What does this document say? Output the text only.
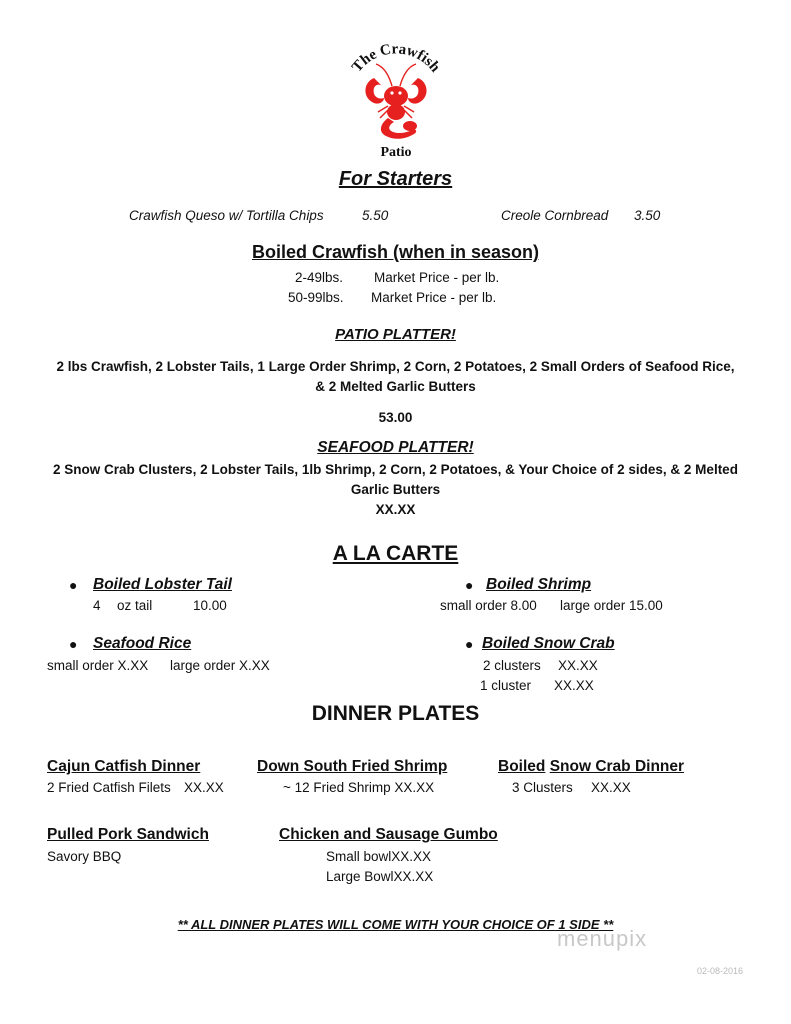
The Crawfish
Patio
For Starters
Crawfish Queso w/ Tortilla Chips	5.50	Creole Cornbread 3.50
Boiled Crawfish (when in season)
2-49lbs. Market Price - per lb.
50-99lbs. Market Price - per lb.
PATIO PLATTER!
2 lbs Crawfish, 2 Lobster Tails, 1 Large Order Shrimp, 2 Corn, 2 Potatoes, 2 Small Orders of Seafood Rice,
& 2 Melted Garlic Butters
53.00
SEAFOOD PLATTER!
2 Snow Crab Clusters, 2 Lobster Tails, 1lb Shrimp, 2 Corn, 2 Potatoes, & Your Choice of 2 sides, & 2 Melted
Garlic Butters
XX.XX
A LA CARTE
● Boiled Lobster Tail
4 oz tail	10.00
● Boiled Shrimp
small order 8.00 large order 15.00
● Seafood Rice
small order X.XX large order X.XX
● Boiled Snow Crab
2 clusters XX.XX
1 cluster XX.XX
DINNER PLATES
Cajun Catfish Dinner
2 Fried Catfish Filets XX.XX
Down South Fried Shrimp
~ 12 Fried Shrimp XX.XX
Boiled Snow Crab Dinner
3 Clusters XX.XX
Pulled Pork Sandwich
Savory BBQ
Chicken and Sausage Gumbo
Small bowlXX.XX
Large BowlXX.XX
** ALL DINNER PLATES WILL COME WITH YOUR CHOICE OF 1 SIDE **
menupix
02-08-2016
